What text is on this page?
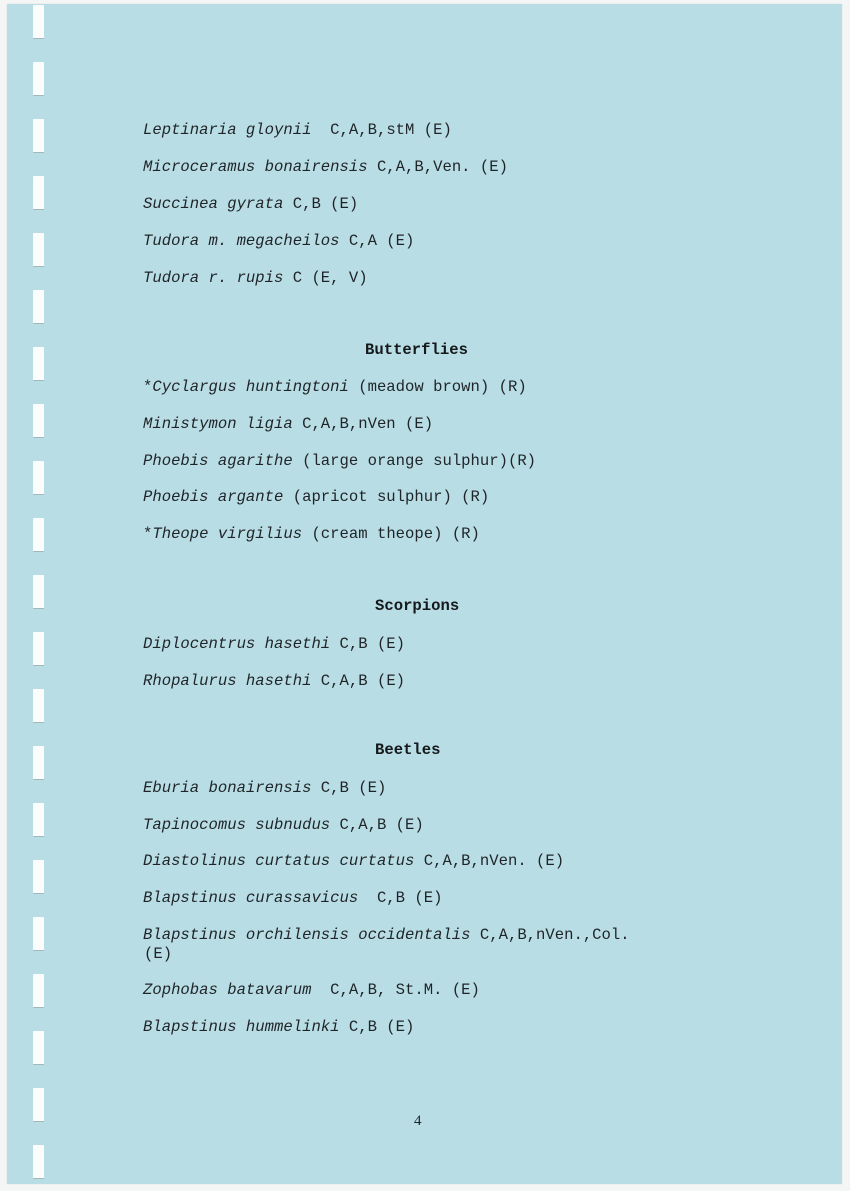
Leptinaria gloynii  C,A,B,stM (E)
Microceramus bonairensis C,A,B,Ven. (E)
Succinea gyrata C,B (E)
Tudora m. megacheilos C,A (E)
Tudora r. rupis C (E, V)
Butterflies
*Cyclargus huntingtoni (meadow brown) (R)
Ministymon ligia C,A,B,nVen (E)
Phoebis agarithe (large orange sulphur)(R)
Phoebis argante (apricot sulphur) (R)
*Theope virgilius (cream theope) (R)
Scorpions
Diplocentrus hasethi C,B (E)
Rhopalurus hasethi C,A,B (E)
Beetles
Eburia bonairensis C,B (E)
Tapinocomus subnudus C,A,B (E)
Diastolinus curtatus curtatus C,A,B,nVen. (E)
Blapstinus curassavicus  C,B (E)
Blapstinus orchilensis occidentalis C,A,B,nVen.,Col.
(E)
Zophobas batavarum  C,A,B, St.M. (E)
Blapstinus hummelinki C,B (E)
4
